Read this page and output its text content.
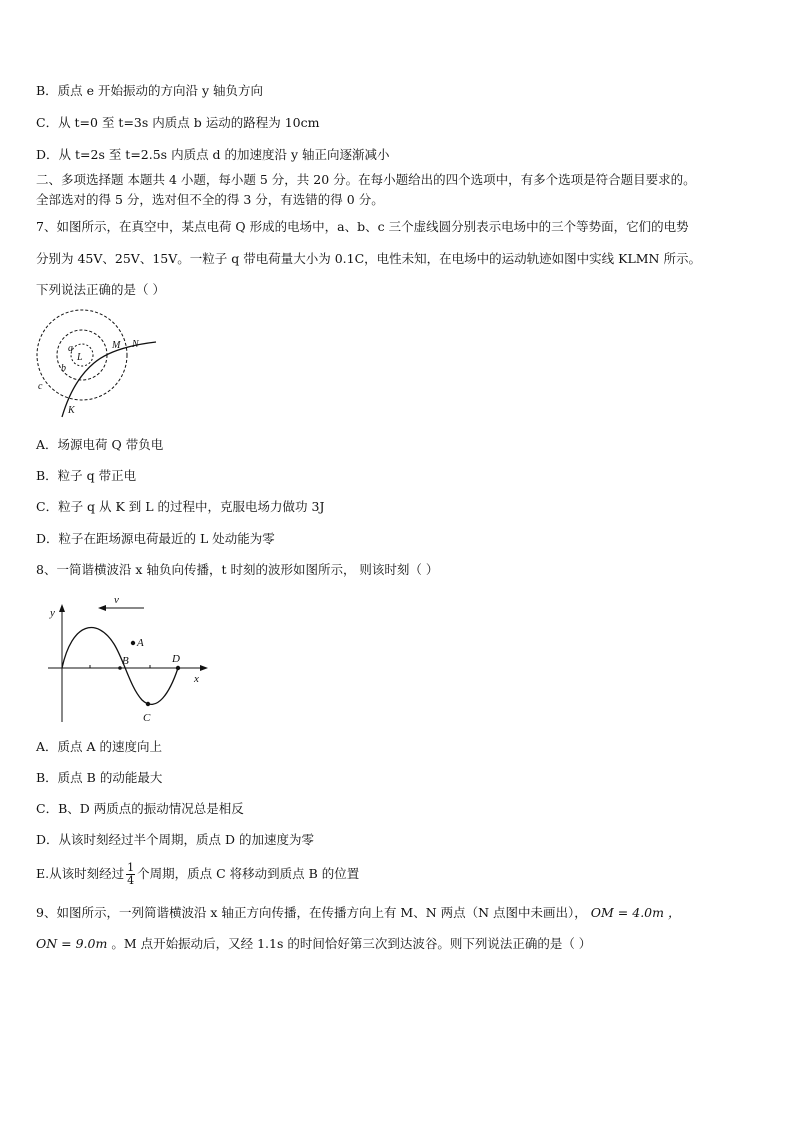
B．质点 e 开始振动的方向沿 y 轴负方向
C．从 t=0 至 t=3s 内质点 b 运动的路程为 10cm
D．从 t=2s 至 t=2.5s 内质点 d 的加速度沿 y 轴正向逐渐减小
二、多项选择题 本题共 4 小题，每小题 5 分，共 20 分。在每小题给出的四个选项中，有多个选项是符合题目要求的。
全部选对的得 5 分，选对但不全的得 3 分，有选错的得 0 分。
7、如图所示，在真空中，某点电荷 Q 形成的电场中，a、b、c 三个虚线圆分别表示电场中的三个等势面，它们的电势
分别为 45V、25V、15V。一粒子 q 带电荷量大小为 0.1C，电性未知，在电场中的运动轨迹如图中实线 KLMN 所示。
下列说法正确的是（ ）
a
L
b
c
M N
K
A．场源电荷 Q 带负电
B．粒子 q 带正电
C．粒子 q 从 K 到 L 的过程中，克服电场力做功 3J
D．粒子在距场源电荷最近的 L 处动能为零
8、一简谐横波沿 x 轴负向传播，t 时刻的波形如图所示， 则该时刻（ ）
y
x
v
A
B
C
D
A．质点 A 的速度向上
B．质点 B 的动能最大
C．B、D 两质点的振动情况总是相反
D．从该时刻经过半个周期，质点 D 的加速度为零
E.从该时刻经过 $\frac{1}{4}$ 个周期，质点 C 将移动到质点 B 的位置
9、如图所示，一列简谐横波沿 x 轴正方向传播，在传播方向上有 M、N 两点（N 点图中未画出）， OM = 4.0m ，
ON = 9.0m 。M 点开始振动后，又经 1.1s 的时间恰好第三次到达波谷。则下列说法正确的是（ ）
